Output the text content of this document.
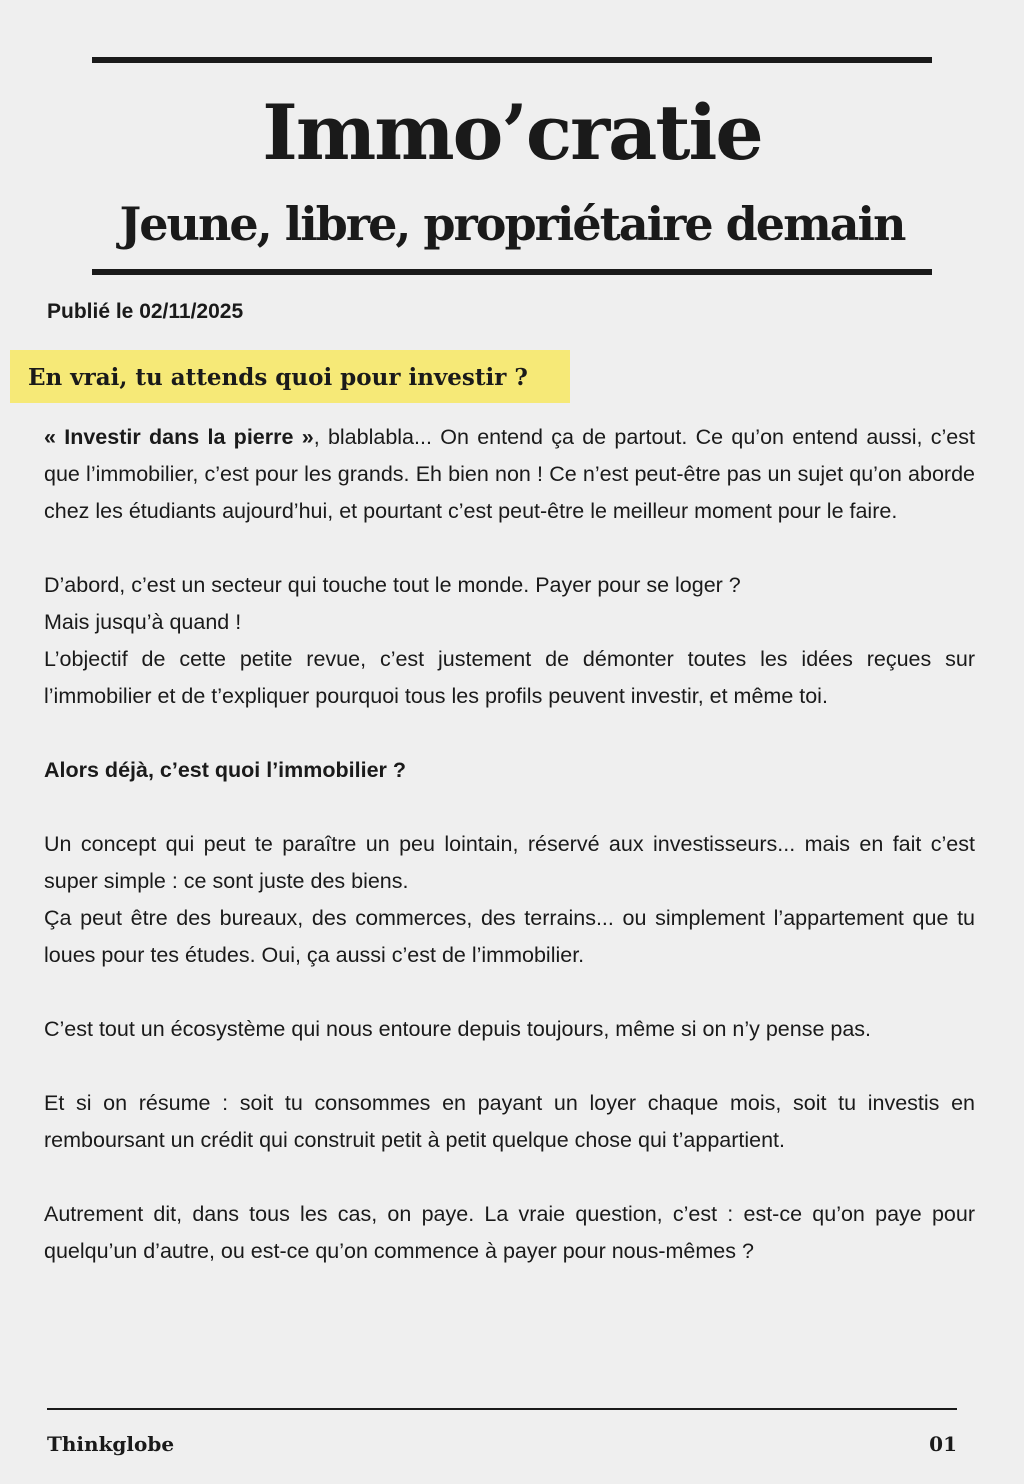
Immo’cratie
Jeune, libre, propriétaire demain
Publié le 02/11/2025
En vrai, tu attends quoi pour investir ?

« Investir dans la pierre », blablabla... On entend ça de partout. Ce qu’on entend aussi, c’est que l’immobilier, c’est pour les grands. Eh bien non ! Ce n’est peut-être pas un sujet qu’on aborde chez les étudiants aujourd’hui, et pourtant c’est peut-être le meilleur moment pour le faire.

D’abord, c’est un secteur qui touche tout le monde. Payer pour se loger ?
Mais jusqu’à quand !
L’objectif de cette petite revue, c’est justement de démonter toutes les idées reçues sur l’immobilier et de t’expliquer pourquoi tous les profils peuvent investir, et même toi.

Alors déjà, c’est quoi l’immobilier ?

Un concept qui peut te paraître un peu lointain, réservé aux investisseurs... mais en fait c’est super simple : ce sont juste des biens.
Ça peut être des bureaux, des commerces, des terrains... ou simplement l’appartement que tu loues pour tes études. Oui, ça aussi c’est de l’immobilier.

C’est tout un écosystème qui nous entoure depuis toujours, même si on n’y pense pas.

Et si on résume : soit tu consommes en payant un loyer chaque mois, soit tu investis en remboursant un crédit qui construit petit à petit quelque chose qui t’appartient.

Autrement dit, dans tous les cas, on paye. La vraie question, c’est : est-ce qu’on paye pour quelqu’un d’autre, ou est-ce qu’on commence à payer pour nous-mêmes ?

Thinkglobe	01
